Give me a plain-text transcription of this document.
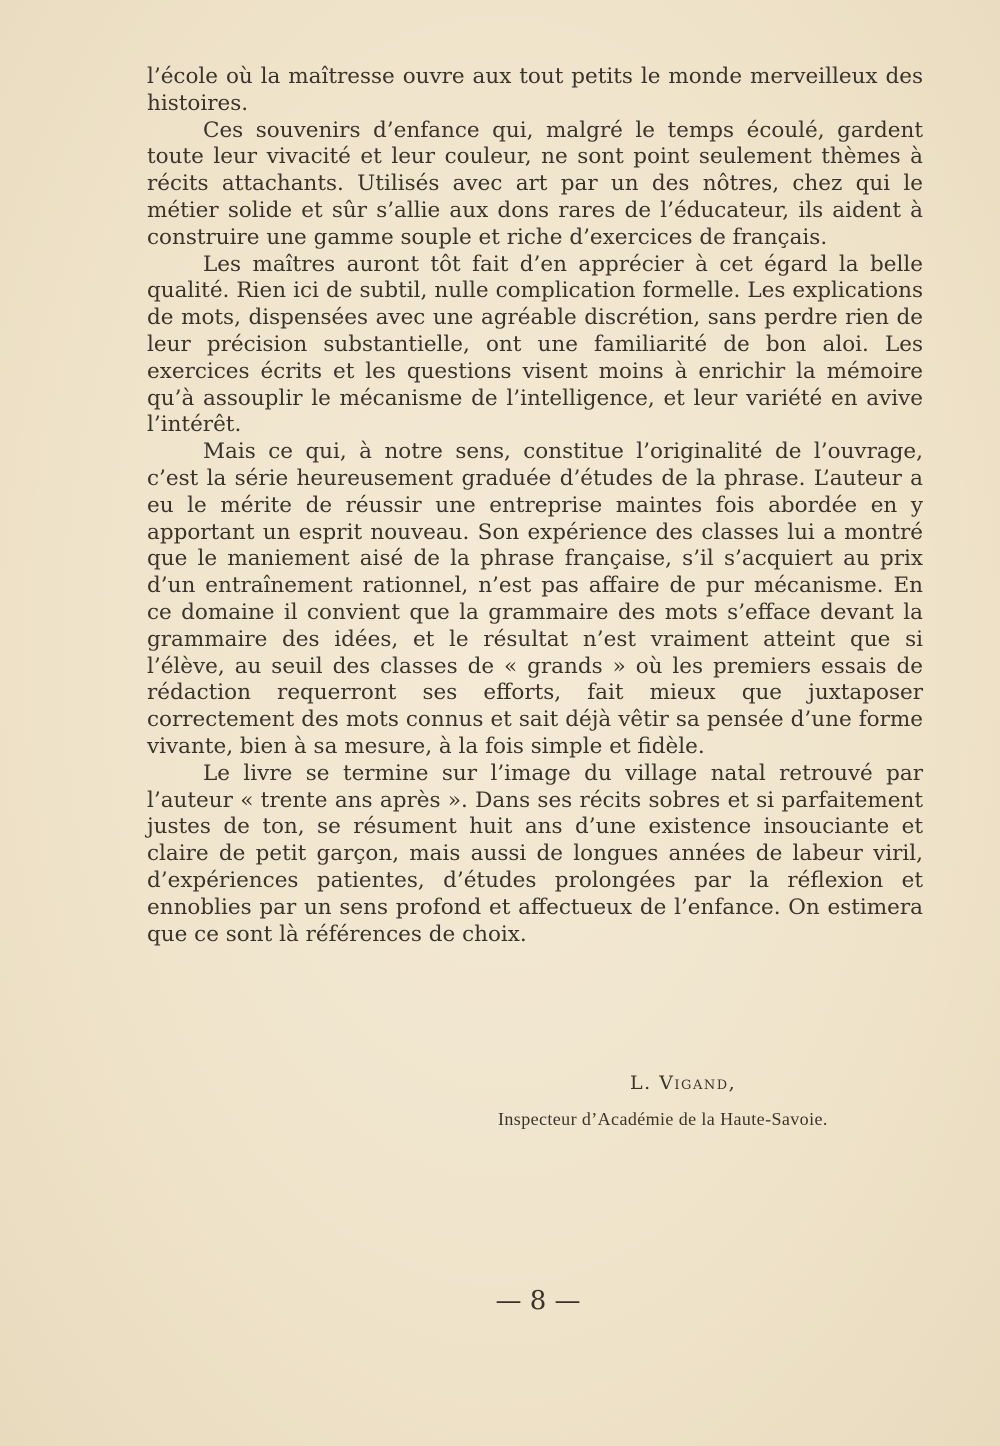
l’école où la maîtresse ouvre aux tout petits le monde merveilleux des histoires.

Ces souvenirs d’enfance qui, malgré le temps écoulé, gardent toute leur vivacité et leur couleur, ne sont point seulement thèmes à récits attachants. Utilisés avec art par un des nôtres, chez qui le métier solide et sûr s’allie aux dons rares de l’éducateur, ils aident à construire une gamme souple et riche d’exercices de français.

Les maîtres auront tôt fait d’en apprécier à cet égard la belle qualité. Rien ici de subtil, nulle complication formelle. Les explications de mots, dispensées avec une agréable discrétion, sans perdre rien de leur précision substantielle, ont une familiarité de bon aloi. Les exercices écrits et les questions visent moins à enrichir la mémoire qu’à assouplir le mécanisme de l’intelligence, et leur variété en avive l’intérêt.

Mais ce qui, à notre sens, constitue l’originalité de l’ouvrage, c’est la série heureusement graduée d’études de la phrase. L’auteur a eu le mérite de réussir une entreprise maintes fois abordée en y apportant un esprit nouveau. Son expérience des classes lui a montré que le maniement aisé de la phrase française, s’il s’acquiert au prix d’un entraînement rationnel, n’est pas affaire de pur mécanisme. En ce domaine il convient que la grammaire des mots s’efface devant la grammaire des idées, et le résultat n’est vraiment atteint que si l’élève, au seuil des classes de « grands » où les premiers essais de rédaction requerront ses efforts, fait mieux que juxtaposer correctement des mots connus et sait déjà vêtir sa pensée d’une forme vivante, bien à sa mesure, à la fois simple et fidèle.

Le livre se termine sur l’image du village natal retrouvé par l’auteur « trente ans après ». Dans ses récits sobres et si parfaitement justes de ton, se résument huit ans d’une existence insouciante et claire de petit garçon, mais aussi de longues années de labeur viril, d’expériences patientes, d’études prolongées par la réflexion et ennoblies par un sens profond et affectueux de l’enfance. On estimera que ce sont là références de choix.

L. Vigand,
Inspecteur d’Académie de la Haute-Savoie.
— 8 —
